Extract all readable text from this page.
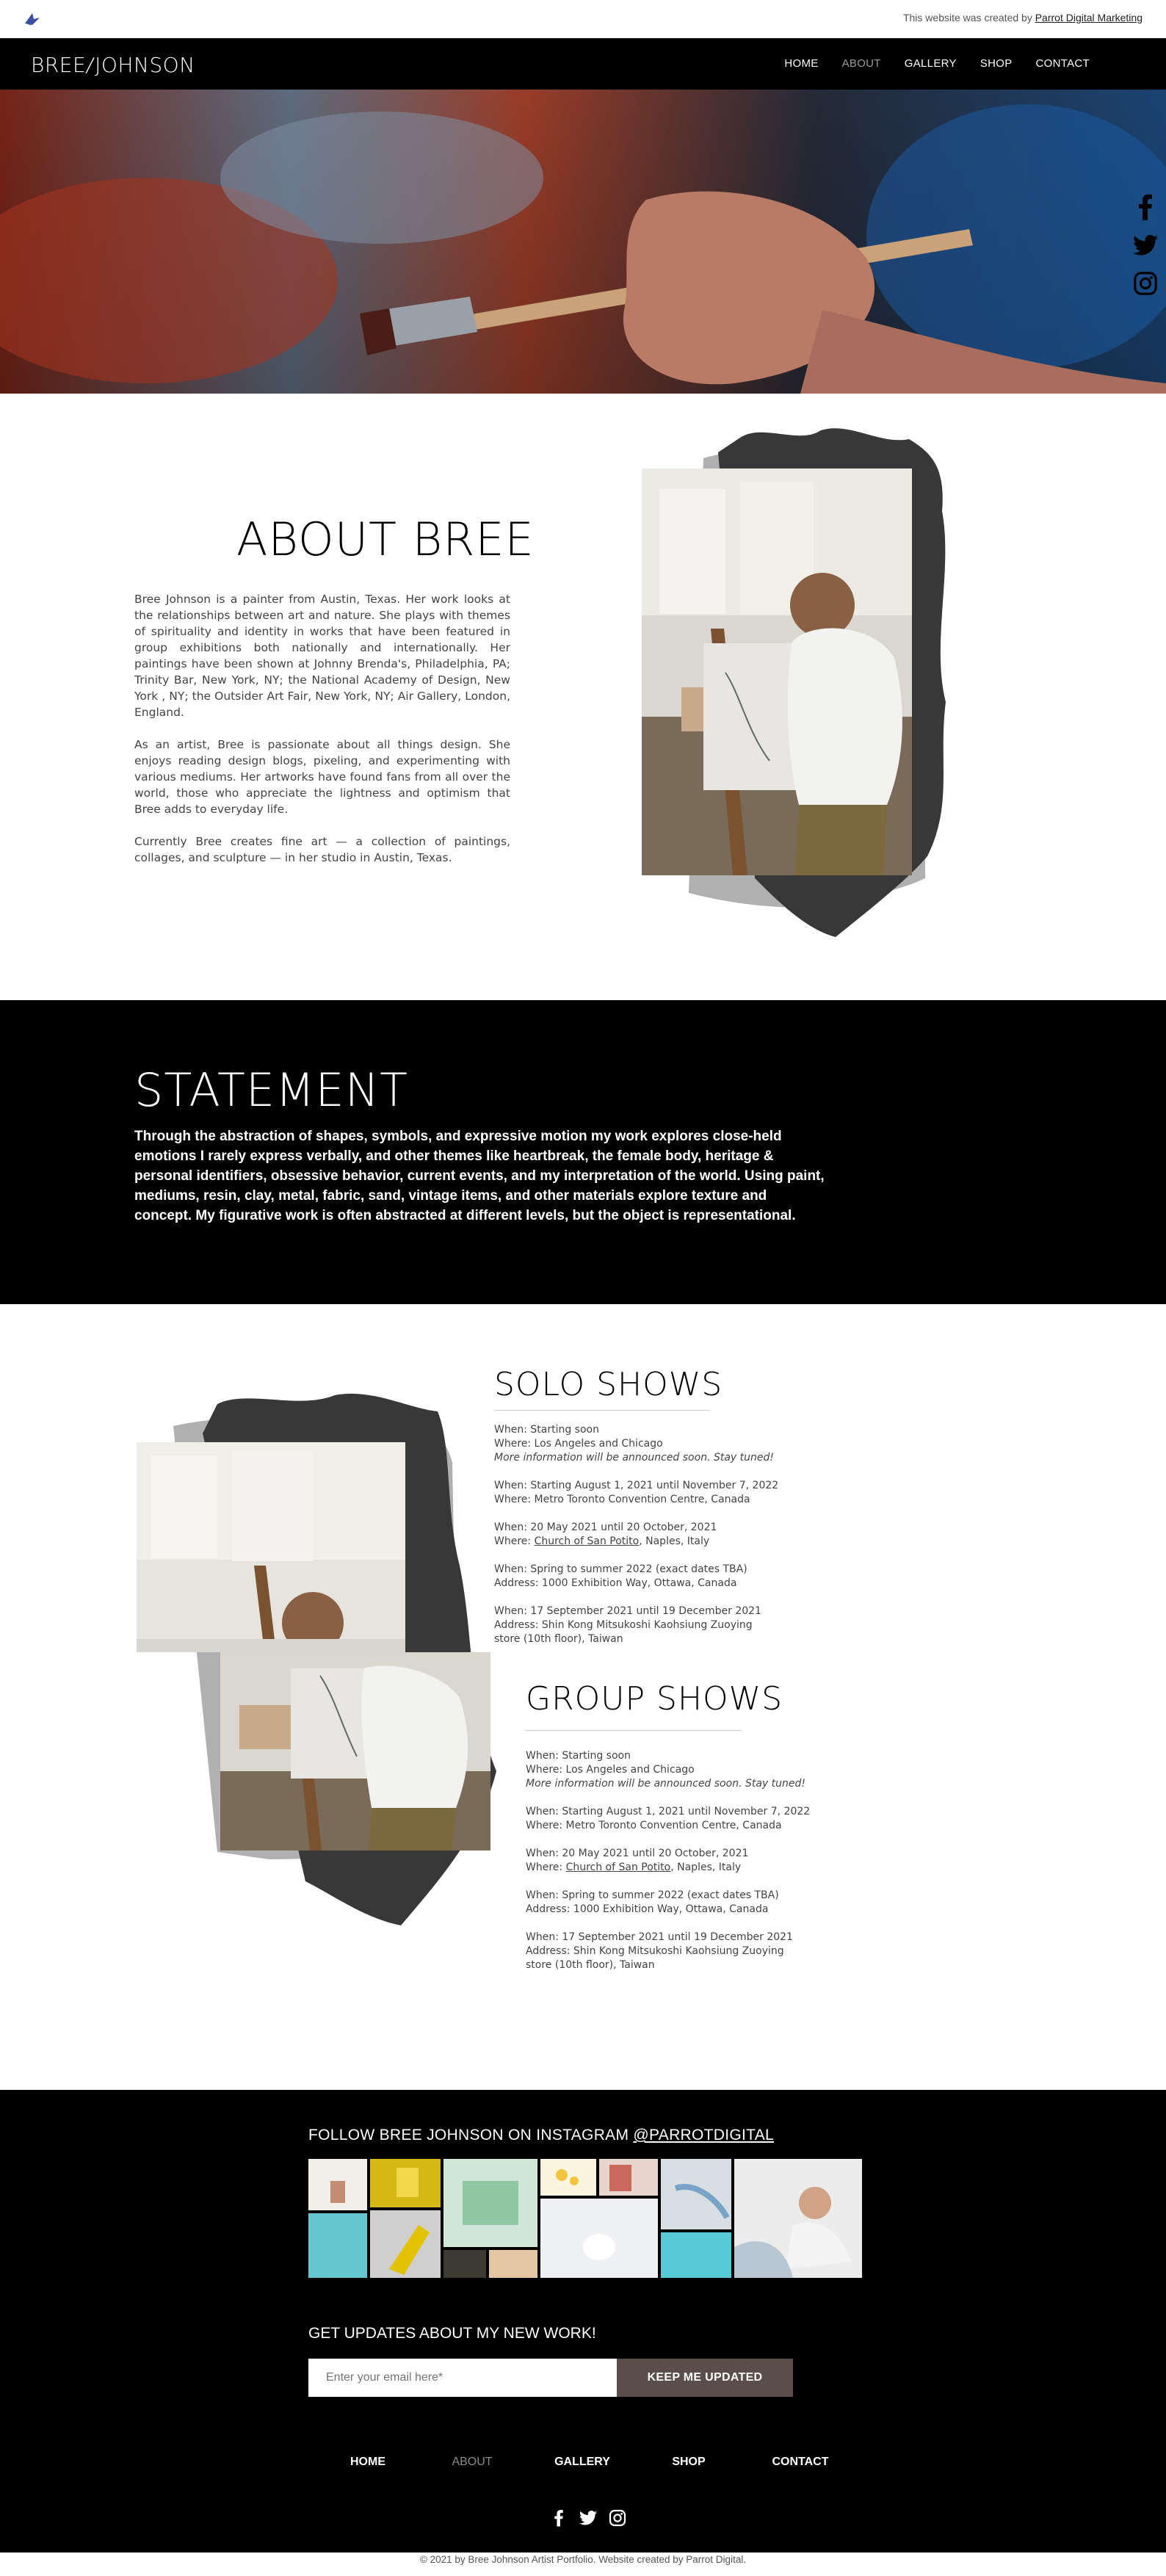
This website was created by Parrot Digital Marketing
BREE/JOHNSON	HOME ABOUT GALLERY SHOP CONTACT
ABOUT BREE

Bree Johnson is a painter from Austin, Texas. Her work looks at the relationships between art and nature. She plays with themes of spirituality and identity in works that have been featured in group exhibitions both nationally and internationally. Her paintings have been shown at Johnny Brenda's, Philadelphia, PA; Trinity Bar, New York, NY; the National Academy of Design, New York , NY; the Outsider Art Fair, New York, NY; Air Gallery, London, England.

As an artist, Bree is passionate about all things design. She enjoys reading design blogs, pixeling, and experimenting with various mediums. Her artworks have found fans from all over the world, those who appreciate the lightness and optimism that Bree adds to everyday life.

Currently Bree creates fine art — a collection of paintings, collages, and sculpture — in her studio in Austin, Texas.

STATEMENT

Through the abstraction of shapes, symbols, and expressive motion my work explores close-held emotions I rarely express verbally, and other themes like heartbreak, the female body, heritage & personal identifiers, obsessive behavior, current events, and my interpretation of the world. Using paint, mediums, resin, clay, metal, fabric, sand, vintage items, and other materials explore texture and concept. My figurative work is often abstracted at different levels, but the object is representational.

SOLO SHOWS
When: Starting soon
Where: Los Angeles and Chicago
More information will be announced soon. Stay tuned!
When: Starting August 1, 2021 until November 7, 2022
Where: Metro Toronto Convention Centre, Canada
When: 20 May 2021 until 20 October, 2021
Where: Church of San Potito, Naples, Italy
When: Spring to summer 2022 (exact dates TBA)
Address: 1000 Exhibition Way, Ottawa, Canada
When: 17 September 2021 until 19 December 2021
Address: Shin Kong Mitsukoshi Kaohsiung Zuoying store (10th floor), Taiwan
GROUP SHOWS
When: Starting soon
Where: Los Angeles and Chicago
More information will be announced soon. Stay tuned!
When: Starting August 1, 2021 until November 7, 2022
Where: Metro Toronto Convention Centre, Canada
When: 20 May 2021 until 20 October, 2021
Where: Church of San Potito, Naples, Italy
When: Spring to summer 2022 (exact dates TBA)
Address: 1000 Exhibition Way, Ottawa, Canada
When: 17 September 2021 until 19 December 2021
Address: Shin Kong Mitsukoshi Kaohsiung Zuoying store (10th floor), Taiwan
FOLLOW BREE JOHNSON ON INSTAGRAM @PARROTDIGITAL
GET UPDATES ABOUT MY NEW WORK!
Enter your email here*
KEEP ME UPDATED
HOME	ABOUT	GALLERY	SHOP	CONTACT
© 2021 by Bree Johnson Artist Portfolio. Website created by Parrot Digital.
